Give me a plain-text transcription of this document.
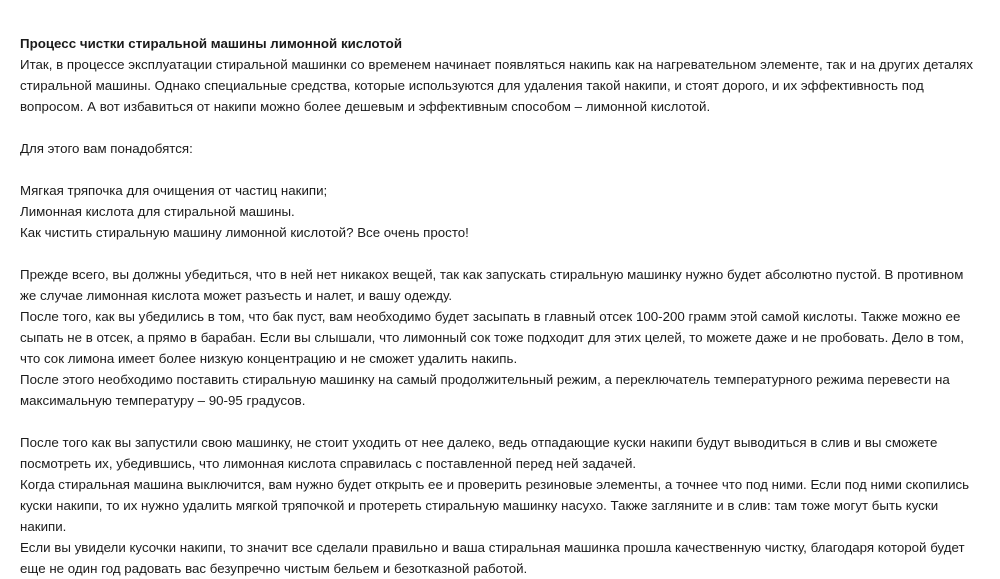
Процесс чистки стиральной машины лимонной кислотой

Итак, в процессе эксплуатации стиральной машинки со временем начинает появляться накипь как на нагревательном элементе, так и на других деталях стиральной машины. Однако специальные средства, которые используются для удаления такой накипи, и стоят дорого, и их эффективность под вопросом. А вот избавиться от накипи можно более дешевым и эффективным способом – лимонной кислотой.

Для этого вам понадобятся:

Мягкая тряпочка для очищения от частиц накипи;

Лимонная кислота для стиральной машины.

Как чистить стиральную машину лимонной кислотой? Все очень просто!

Прежде всего, вы должны убедиться, что в ней нет никакох вещей, так как запускать стиральную машинку нужно будет абсолютно пустой. В противном же случае лимонная кислота может разъесть и налет, и вашу одежду.

После того, как вы убедились в том, что бак пуст, вам необходимо будет засыпать в главный отсек 100-200 грамм этой самой кислоты. Также можно ее сыпать не в отсек, а прямо в барабан. Если вы слышали, что лимонный сок тоже подходит для этих целей, то можете даже и не пробовать. Дело в том, что сок лимона имеет более низкую концентрацию и не сможет удалить накипь.

После этого необходимо поставить стиральную машинку на самый продолжительный режим, а переключатель температурного режима перевести на максимальную температуру – 90-95 градусов.

После того как вы запустили свою машинку, не стоит уходить от нее далеко, ведь отпадающие куски накипи будут выводиться в слив и вы сможете посмотреть их, убедившись, что лимонная кислота справилась с поставленной перед ней задачей.

Когда стиральная машина выключится, вам нужно будет открыть ее и проверить резиновые элементы, а точнее что под ними. Если под ними скопились куски накипи, то их нужно удалить мягкой тряпочкой и протереть стиральную машинку насухо. Также загляните и в слив: там тоже могут быть куски накипи.

Если вы увидели кусочки накипи, то значит все сделали правильно и ваша стиральная машинка прошла качественную чистку, благодаря которой будет еще не один год радовать вас безупречно чистым бельем и безотказной работой.
